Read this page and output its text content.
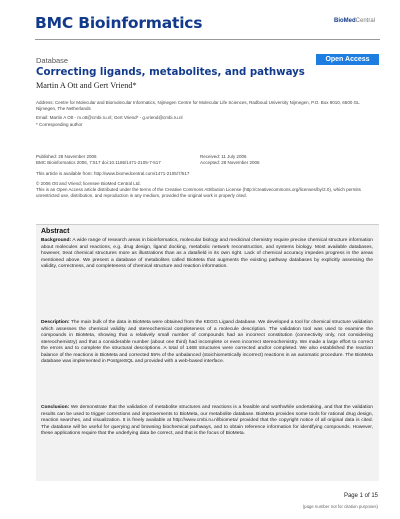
BMC Bioinformatics	BioMedCentral
Database	Open Access
Correcting ligands, metabolites, and pathways
Martin A Ott and Gert Vriend*
Address: Centre for Molecular and Biomolecular Informatics, Nijmegen Centre for Molecular Life Sciences, Radboud University Nijmegen, P.O. Box 9010, 6500 GL Nijmegen, The Netherlands
Email: Martin A Ott - m.ott@cmbi.ru.nl; Gert Vriend* - g.vriend@cmbi.ru.nl
* Corresponding author
Published: 28 November 2006
BMC Bioinformatics 2006, 7:517 doi:10.1186/1471-2105-7-517
Received: 11 July 2006
Accepted: 28 November 2006
This article is available from: http://www.biomedcentral.com/1471-2105/7/517
© 2006 Ott and Vriend; licensee BioMed Central Ltd.
This is an Open Access article distributed under the terms of the Creative Commons Attribution License (http://creativecommons.org/licenses/by/2.0), which permits unrestricted use, distribution, and reproduction in any medium, provided the original work is properly cited.
Abstract
Background: A wide range of research areas in bioinformatics, molecular biology and medicinal chemistry require precise chemical structure information about molecules and reactions, e.g. drug design, ligand docking, metabolic network reconstruction, and systems biology. Most available databases, however, treat chemical structures more as illustrations than as a datafield in its own right. Lack of chemical accuracy impedes progress in the areas mentioned above. We present a database of metabolites called BioMeta that augments the existing pathway databases by explicitly assessing the validity, correctness, and completeness of chemical structure and reaction information.
Description: The main bulk of the data in BioMeta were obtained from the KEGG Ligand database. We developed a tool for chemical structure validation which assesses the chemical validity and stereochemical completeness of a molecule description. The validation tool was used to examine the compounds in BioMeta, showing that a relatively small number of compounds had an incorrect constitution (connectivity only, not considering stereochemistry) and that a considerable number (about one third) had incomplete or even incorrect stereochemistry. We made a large effort to correct the errors and to complete the structural descriptions. A total of 1468 structures were corrected and/or completed. We also established the reaction balance of the reactions in BioMeta and corrected 55% of the unbalanced (stoichiometrically incorrect) reactions in an automatic procedure. The BioMeta database was implemented in PostgreSQL and provided with a web-based interface.
Conclusion: We demonstrate that the validation of metabolite structures and reactions is a feasible and worthwhile undertaking, and that the validation results can be used to trigger corrections and improvements to BioMeta, our metabolite database. BioMeta provides some tools for rational drug design, reaction searches, and visualization. It is freely available at http://www.cmbi.ru.nl/biometa/ provided that the copyright notice of all original data is cited. The database will be useful for querying and browsing biochemical pathways, and to obtain reference information for identifying compounds. However, these applications require that the underlying data be correct, and that is the focus of BioMeta.
Page 1 of 15
(page number not for citation purposes)
